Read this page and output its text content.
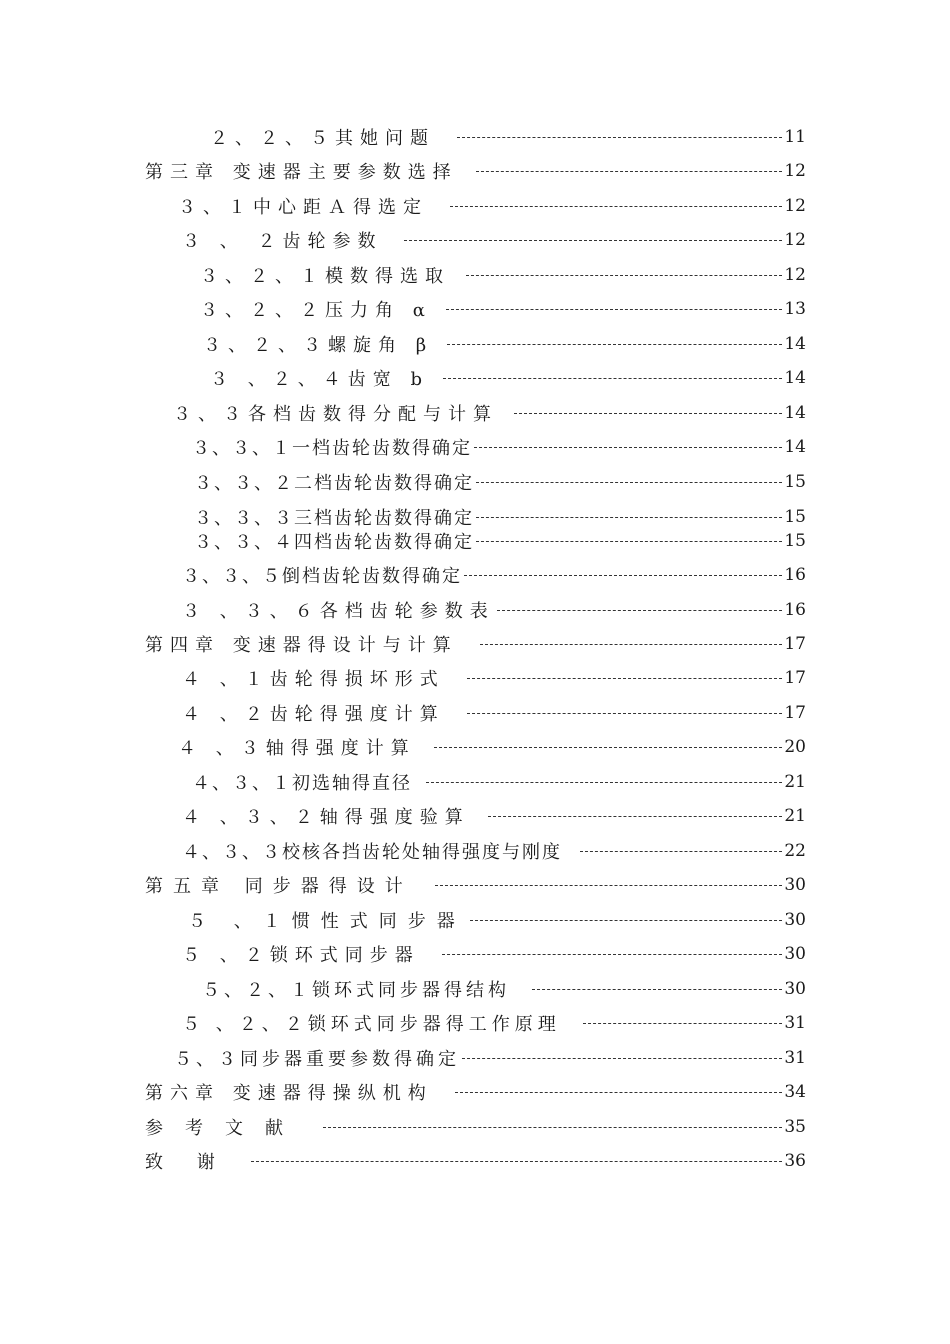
２、２、５其她问题	11
第三章 变速器主要参数选择	12
３、１中心距Ａ得选定	12
３ 、 ２齿轮参数	12
３、２、１模数得选取	12
３、２、２压力角 α	13
３、２、３螺旋角 β	14
３ 、２、４齿宽 b	14
３、３各档齿数得分配与计算	14
３、３、１一档齿轮齿数得确定	14
３、３、２二档齿轮齿数得确定	15
３、３、３三档齿轮齿数得确定	15
３、３、４四档齿轮齿数得确定	15
３、３、５倒档齿轮齿数得确定	16
３ 、３、６各档齿轮参数表	16
第四章 变速器得设计与计算	17
４ 、１齿轮得损坏形式	17
４ 、２齿轮得强度计算	17
４ 、３轴得强度计算	20
４、３、１初选轴得直径	21
４ 、３、２轴得强度验算	21
４、３、３校核各挡齿轮处轴得强度与刚度	22
第五章 同步器得设计	30
５ 、１惯性式同步器	30
５ 、２锁环式同步器	30
５、２、１锁环式同步器得结构	30
５ 、２、２锁环式同步器得工作原理	31
５、３同步器重要参数得确定	31
第六章 变速器得操纵机构	34
参考文献	35
致 谢	36
